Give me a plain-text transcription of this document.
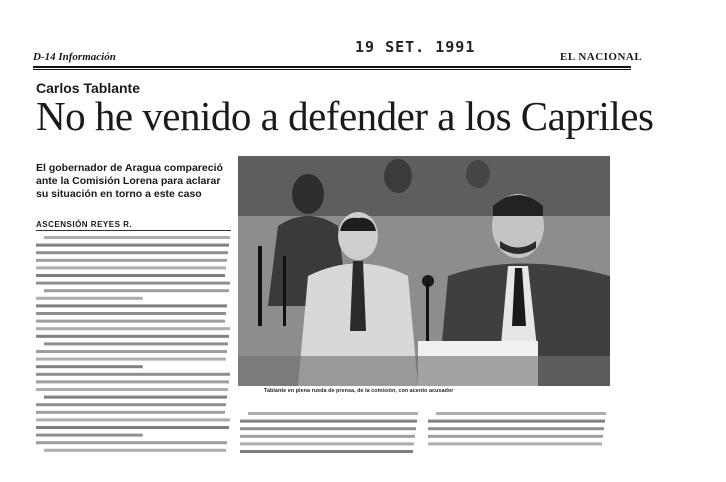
19 SET. 1991
D-14 Información	EL NACIONAL
Carlos Tablante
No he venido a defender a los Capriles
El gobernador de Aragua compareció ante la Comisión Lorena para aclarar su situación en torno a este caso
ASCENSIÓN REYES R.
Tablante en plena rueda de prensa, de la comisión, con acento acusador
